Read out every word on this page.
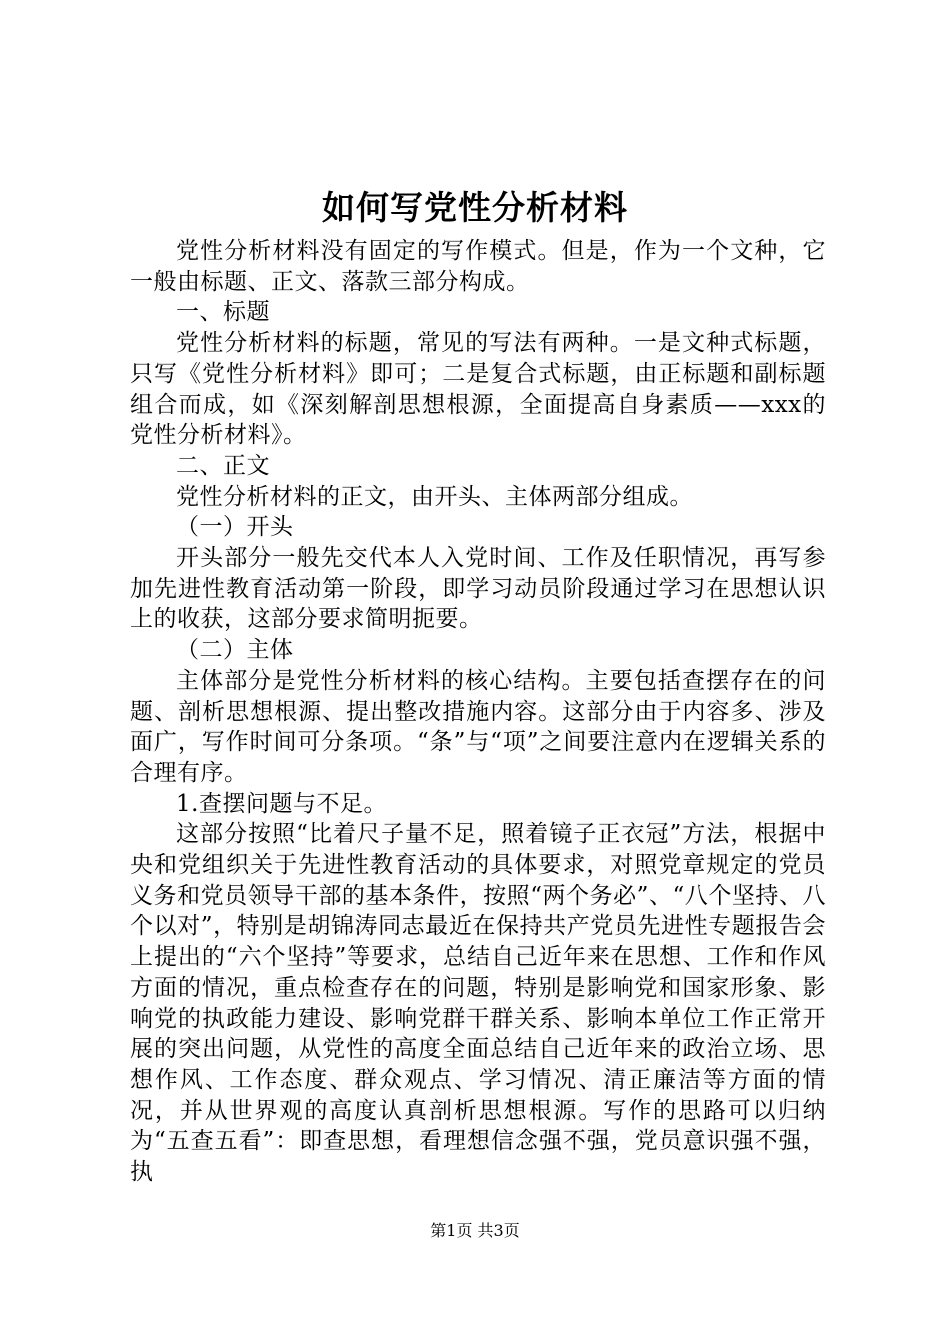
如何写党性分析材料

党性分析材料没有固定的写作模式。但是，作为一个文种，它一般由标题、正文、落款三部分构成。

一、标题

党性分析材料的标题，常见的写法有两种。一是文种式标题，只写《党性分析材料》即可；二是复合式标题，由正标题和副标题组合而成，如《深刻解剖思想根源，全面提高自身素质——xxx的党性分析材料》。

二、正文

党性分析材料的正文，由开头、主体两部分组成。

（一）开头

开头部分一般先交代本人入党时间、工作及任职情况，再写参加先进性教育活动第一阶段，即学习动员阶段通过学习在思想认识上的收获，这部分要求简明扼要。

（二）主体

主体部分是党性分析材料的核心结构。主要包括查摆存在的问题、剖析思想根源、提出整改措施内容。这部分由于内容多、涉及面广，写作时间可分条项。“条”与“项”之间要注意内在逻辑关系的合理有序。

1.查摆问题与不足。

这部分按照“比着尺子量不足，照着镜子正衣冠”方法，根据中央和党组织关于先进性教育活动的具体要求，对照党章规定的党员义务和党员领导干部的基本条件，按照“两个务必”、“八个坚持、八个以对”，特别是胡锦涛同志最近在保持共产党员先进性专题报告会上提出的“六个坚持”等要求，总结自己近年来在思想、工作和作风方面的情况，重点检查存在的问题，特别是影响党和国家形象、影响党的执政能力建设、影响党群干群关系、影响本单位工作正常开展的突出问题，从党性的高度全面总结自己近年来的政治立场、思想作风、工作态度、群众观点、学习情况、清正廉洁等方面的情况，并从世界观的高度认真剖析思想根源。写作的思路可以归纳为“五查五看”：即查思想，看理想信念强不强，党员意识强不强，执

第1页 共3页
